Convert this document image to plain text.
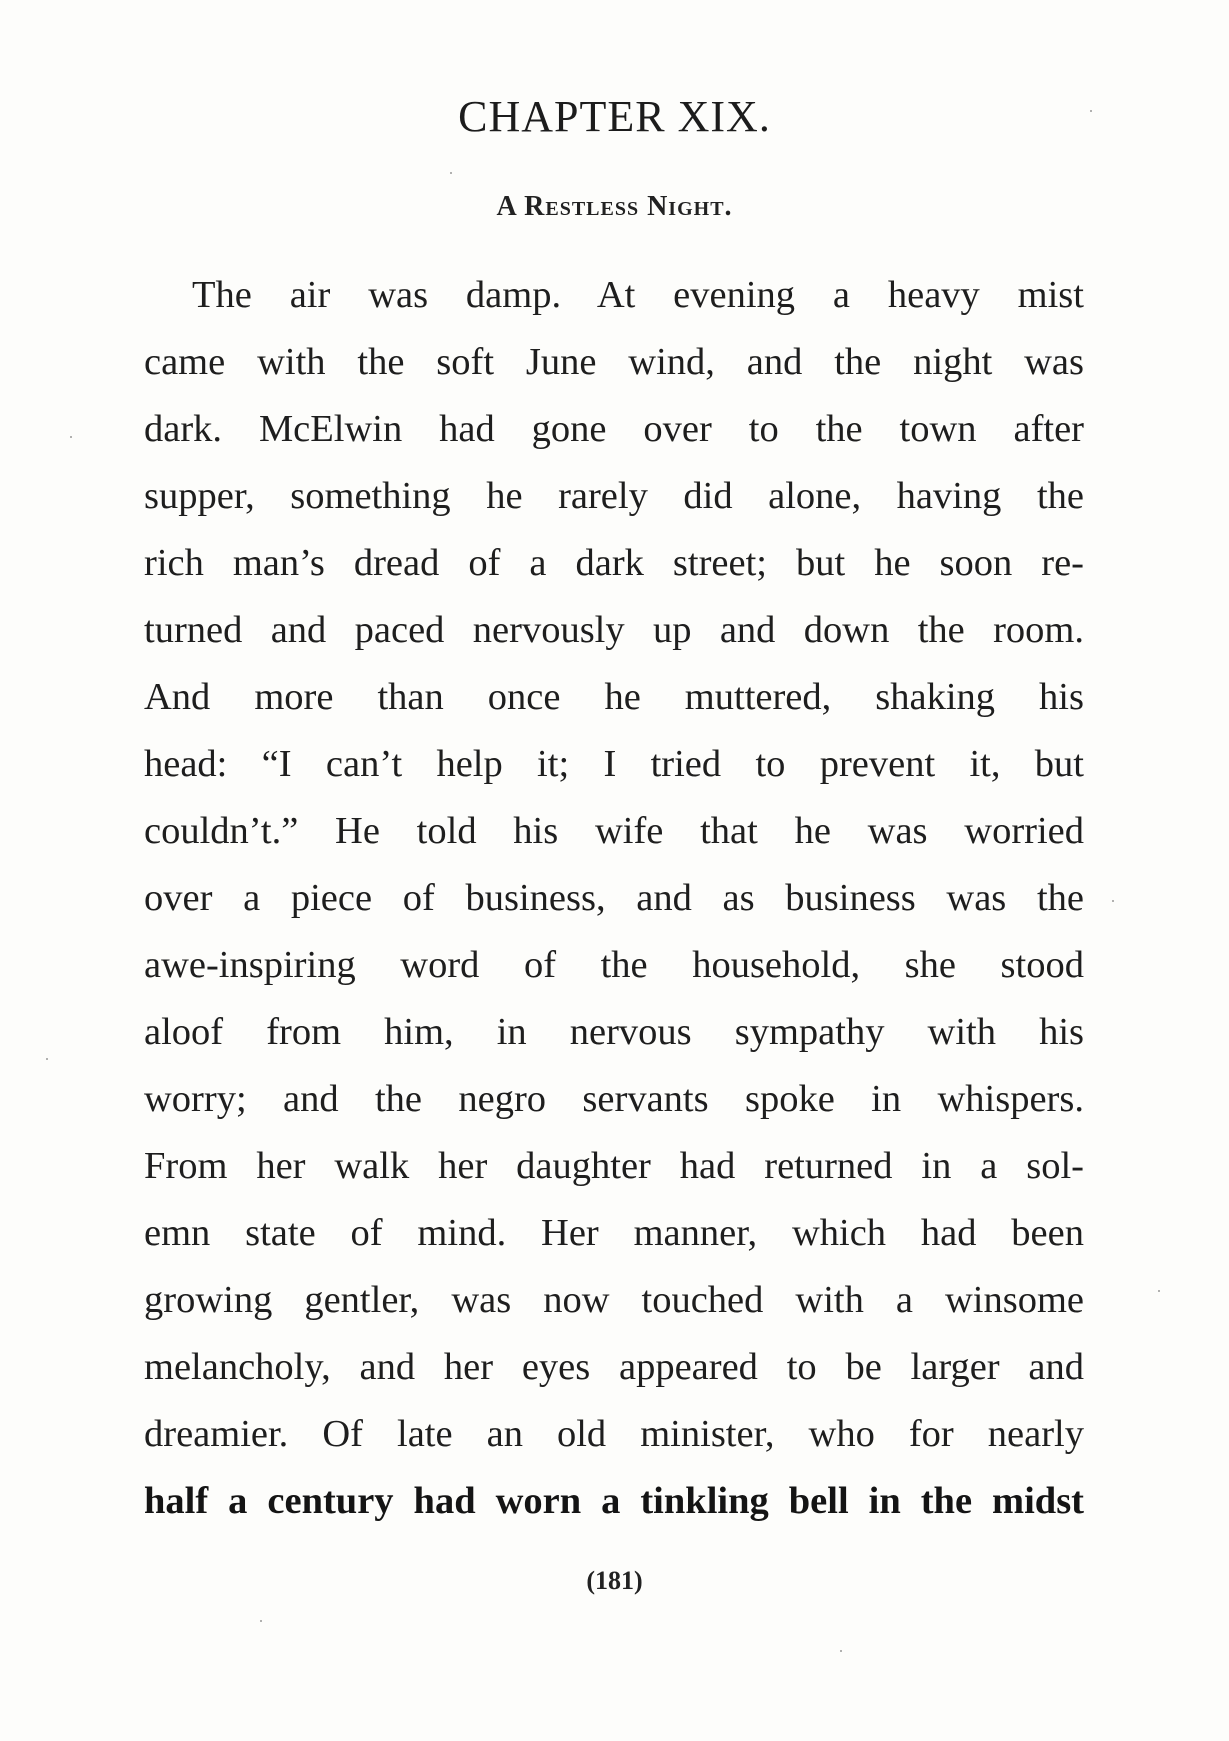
CHAPTER XIX.
A Restless Night.
The air was damp. At evening a heavy mist
came with the soft June wind, and the night was
dark. McElwin had gone over to the town after
supper, something he rarely did alone, having the
rich man’s dread of a dark street; but he soon re-
turned and paced nervously up and down the room.
And more than once he muttered, shaking his
head: “I can’t help it; I tried to prevent it, but
couldn’t.” He told his wife that he was worried
over a piece of business, and as business was the
awe-inspiring word of the household, she stood
aloof from him, in nervous sympathy with his
worry; and the negro servants spoke in whispers.
From her walk her daughter had returned in a sol-
emn state of mind. Her manner, which had been
growing gentler, was now touched with a winsome
melancholy, and her eyes appeared to be larger and
dreamier. Of late an old minister, who for nearly
half a century had worn a tinkling bell in the midst
(181)
